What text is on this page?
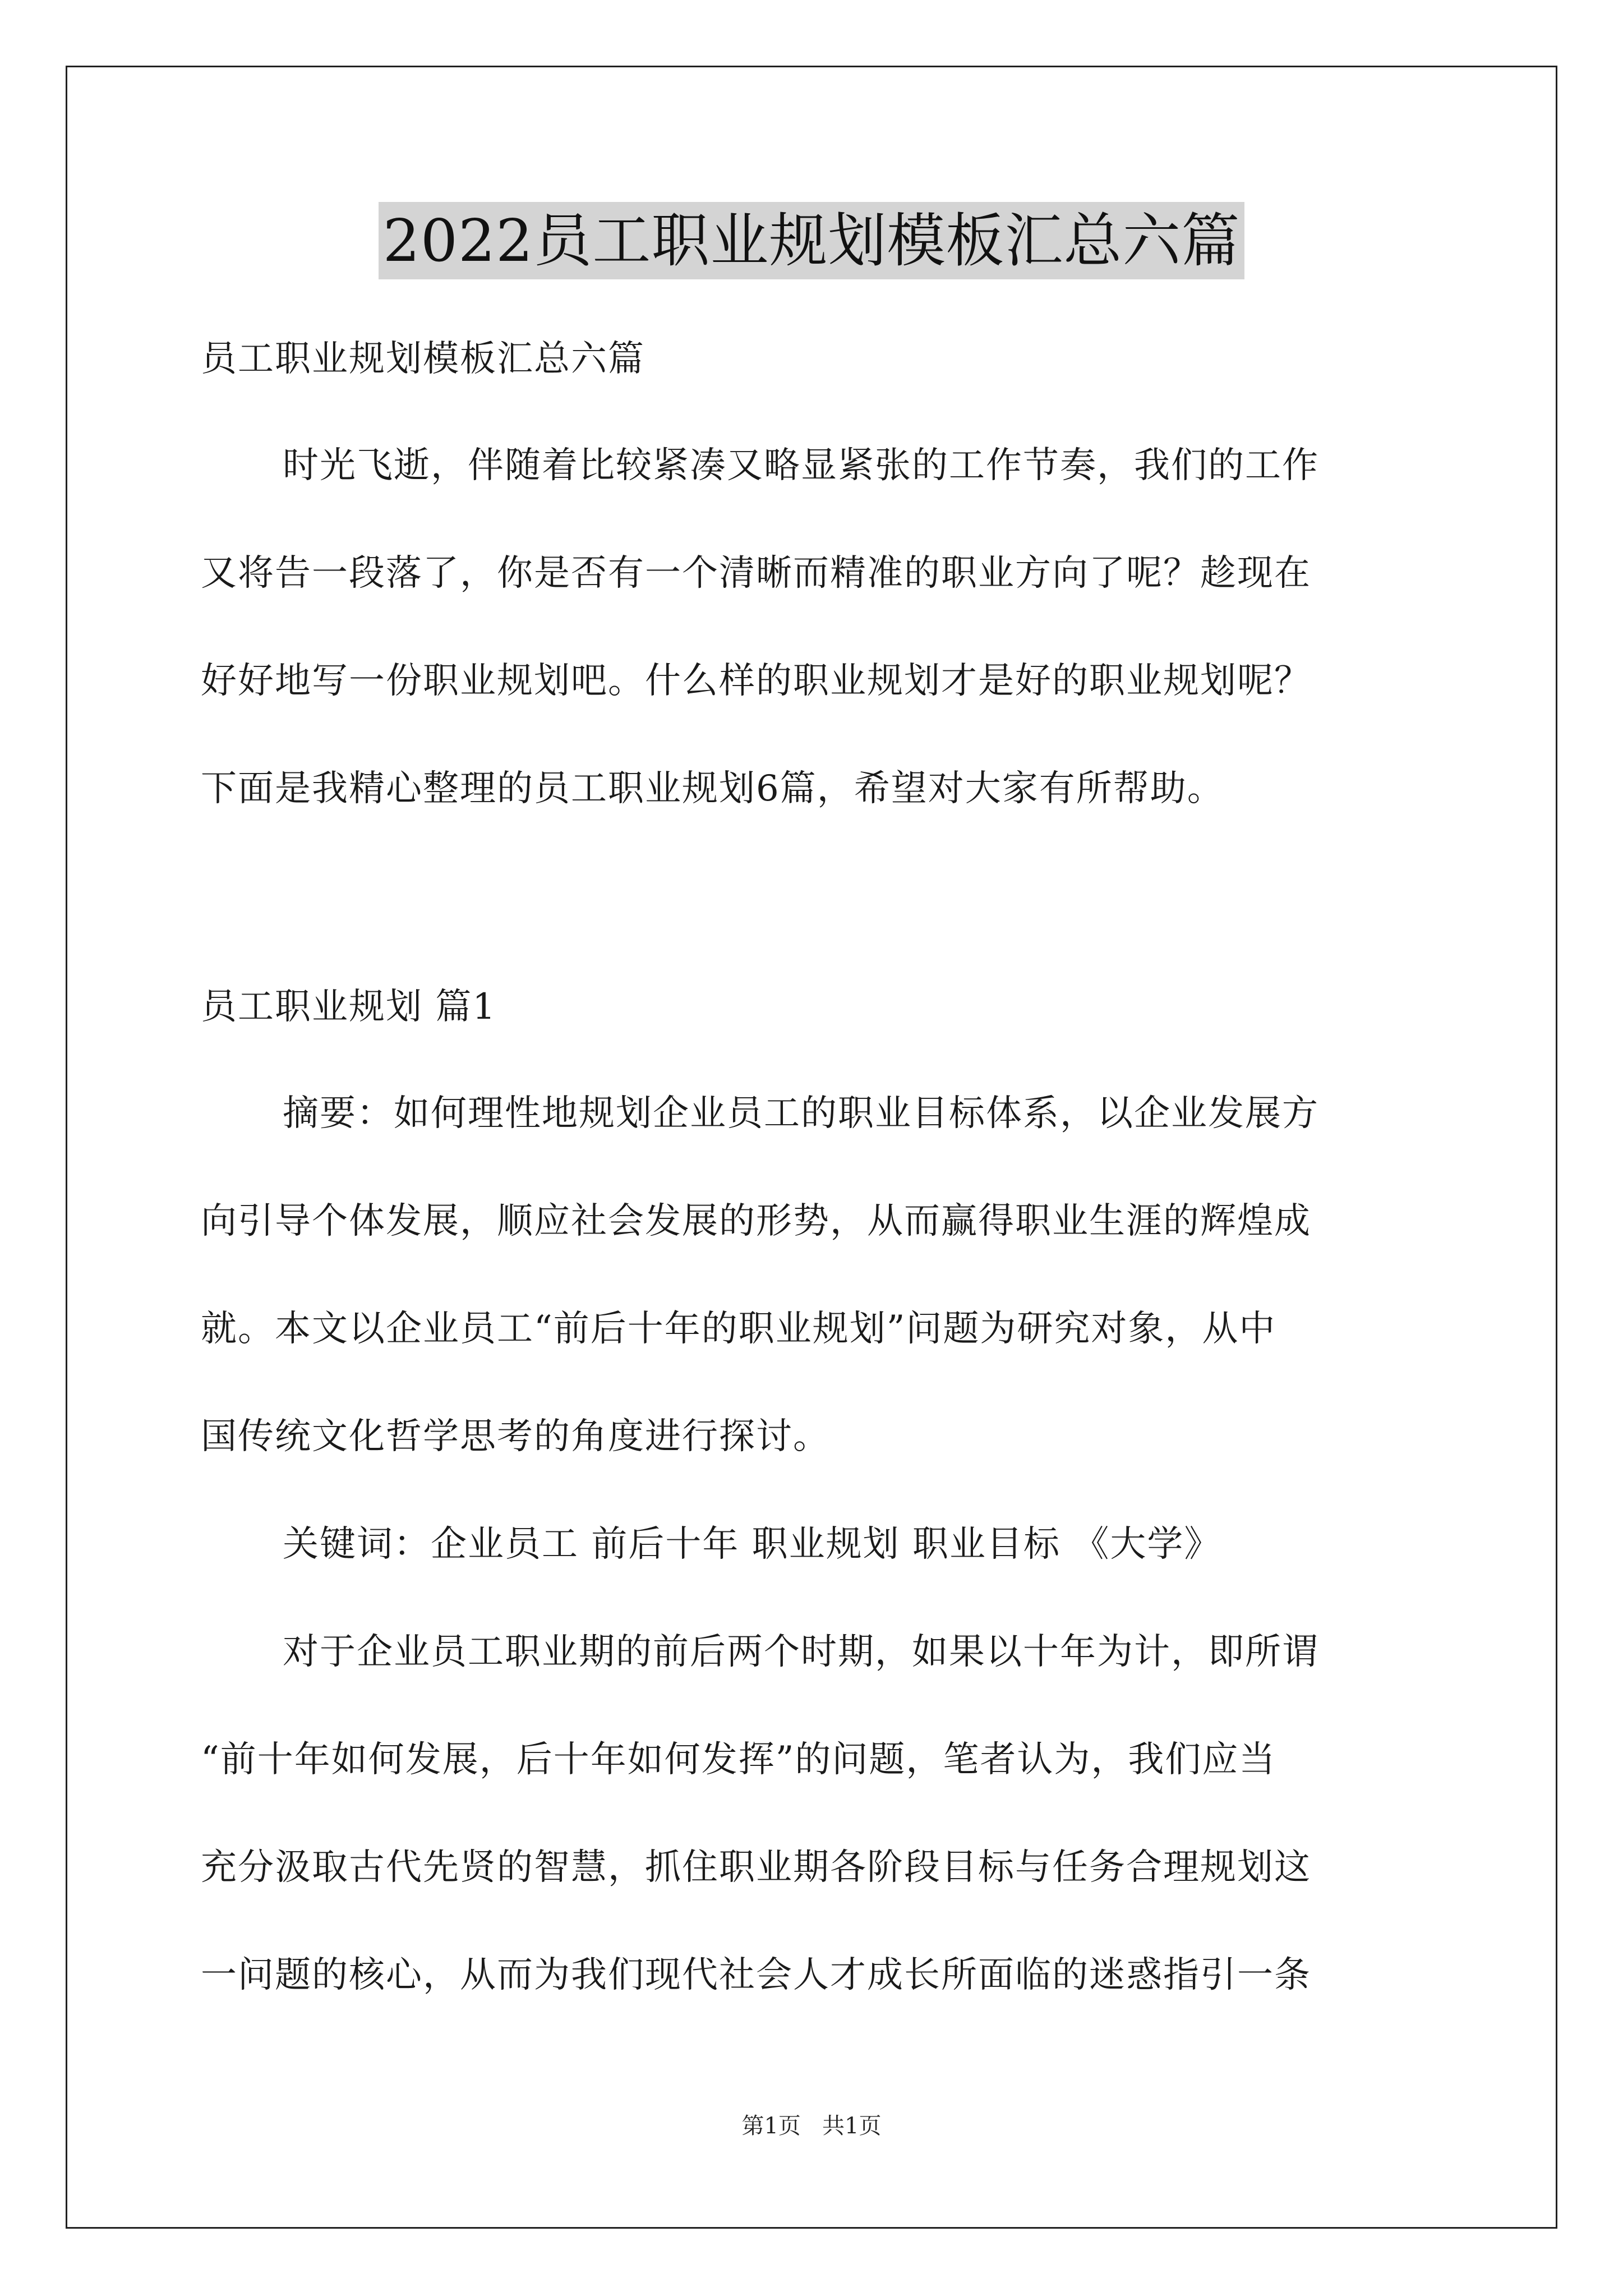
2022员工职业规划模板汇总六篇
员工职业规划模板汇总六篇
时光飞逝，伴随着比较紧凑又略显紧张的工作节奏，我们的工作
又将告一段落了，你是否有一个清晰而精准的职业方向了呢？趁现在
好好地写一份职业规划吧。什么样的职业规划才是好的职业规划呢？
下面是我精心整理的员工职业规划6篇，希望对大家有所帮助。
员工职业规划 篇1
摘要：如何理性地规划企业员工的职业目标体系，以企业发展方
向引导个体发展，顺应社会发展的形势，从而赢得职业生涯的辉煌成
就。本文以企业员工“前后十年的职业规划”问题为研究对象，从中
国传统文化哲学思考的角度进行探讨。
关键词：企业员工 前后十年 职业规划 职业目标 《大学》
对于企业员工职业期的前后两个时期，如果以十年为计，即所谓
“前十年如何发展，后十年如何发挥”的问题，笔者认为，我们应当
充分汲取古代先贤的智慧，抓住职业期各阶段目标与任务合理规划这
一问题的核心，从而为我们现代社会人才成长所面临的迷惑指引一条
第1页   共1页
